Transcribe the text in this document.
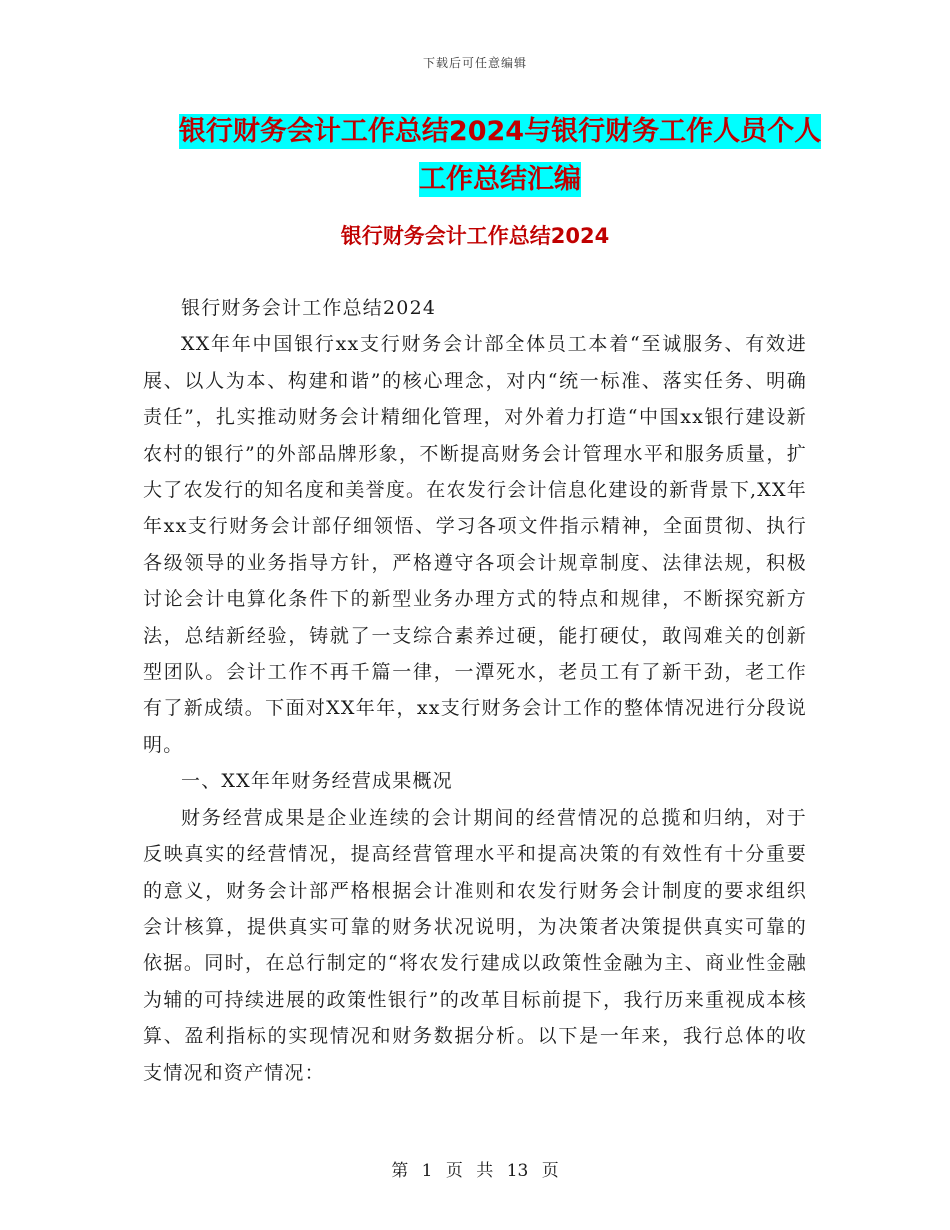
下载后可任意编辑
银行财务会计工作总结2024与银行财务工作人员个人
工作总结汇编
银行财务会计工作总结2024

银行财务会计工作总结2024

XX年年中国银行xx支行财务会计部全体员工本着“至诚服务、有效进展、以人为本、构建和谐”的核心理念，对内“统一标准、落实任务、明确责任”，扎实推动财务会计精细化管理，对外着力打造“中国xx银行建设新农村的银行”的外部品牌形象，不断提高财务会计管理水平和服务质量，扩大了农发行的知名度和美誉度。在农发行会计信息化建设的新背景下,XX年年xx支行财务会计部仔细领悟、学习各项文件指示精神，全面贯彻、执行各级领导的业务指导方针，严格遵守各项会计规章制度、法律法规，积极讨论会计电算化条件下的新型业务办理方式的特点和规律，不断探究新方法，总结新经验，铸就了一支综合素养过硬，能打硬仗，敢闯难关的创新型团队。会计工作不再千篇一律，一潭死水，老员工有了新干劲，老工作有了新成绩。下面对XX年年，xx支行财务会计工作的整体情况进行分段说明。

一、XX年年财务经营成果概况

财务经营成果是企业连续的会计期间的经营情况的总揽和归纳，对于反映真实的经营情况，提高经营管理水平和提高决策的有效性有十分重要的意义，财务会计部严格根据会计准则和农发行财务会计制度的要求组织会计核算，提供真实可靠的财务状况说明，为决策者决策提供真实可靠的依据。同时，在总行制定的“将农发行建成以政策性金融为主、商业性金融为辅的可持续进展的政策性银行”的改革目标前提下，我行历来重视成本核算、盈利指标的实现情况和财务数据分析。以下是一年来，我行总体的收支情况和资产情况：

第 1 页 共 13 页
